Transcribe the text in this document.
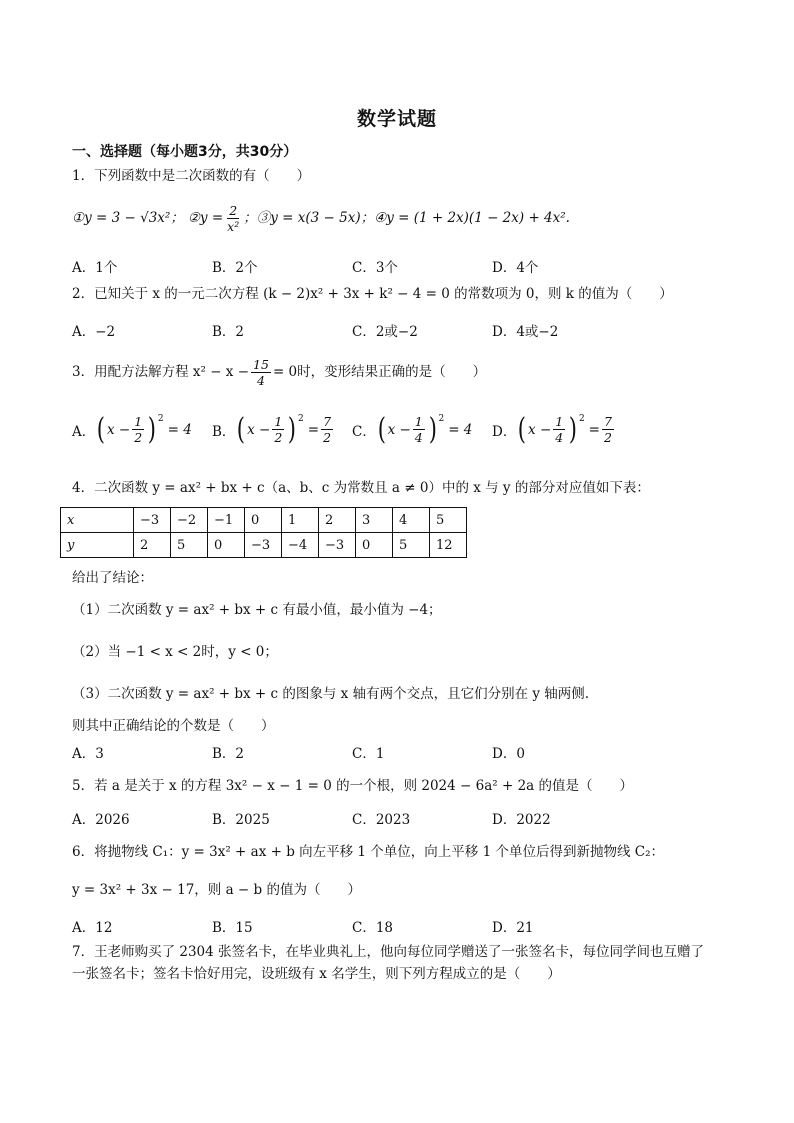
数学试题
一、选择题（每小题3分，共30分）
1．下列函数中是二次函数的有（　　）
①y = 3 − √3x²； ②y = $\frac{2}{\text{x²}}$ ；③y = x(3 − 5x)； ④y = (1 + 2x)(1 − 2x) + 4x².
A．1个	B．2个	C．3个	D．4个
2．已知关于 x 的一元二次方程 (k − 2)x² + 3x + k² − 4 = 0 的常数项为 0，则 k 的值为（　　）
A．−2	B．2	C．2或−2	D．4或−2
3．用配方法解方程 $x^2 - x - \frac{15}{4} = 0$时，变形结果正确的是（　　）
A． ( $x - \frac{1}{2} )^2$
= 4 B． ( $x - \frac{1}{2} )^2$
= $\frac{7}{2}$ C． ( $x - \frac{1}{4} )^2$
= 4 D． ( $x - \frac{1}{4} )^2$
= $\frac{7}{2}$
4．二次函数 y = ax² + bx + c（a、b、c 为常数且 a ≠ 0）中的 x 与 y 的部分对应值如下表：
x	−3	−2	−1	0	1	2	3	4	5
y	2	5	0	−3	−4	−3	0	5	12
给出了结论：
（1）二次函数 y = ax² + bx + c 有最小值，最小值为 −4；
（2）当 −1 < x < 2时，y < 0；
（3）二次函数 y = ax² + bx + c 的图象与 x 轴有两个交点，且它们分别在 y 轴两侧.
则其中正确结论的个数是（　　）
A．3	B．2	C．1	D．0
5．若 a 是关于 x 的方程 3x² − x − 1 = 0 的一个根，则 2024 − 6a² + 2a 的值是（　　）
A．2026	B．2025	C．2023	D．2022
6．将抛物线 C₁：y = 3x² + ax + b 向左平移 1 个单位，向上平移 1 个单位后得到新抛物线 C₂：
y = 3x² + 3x − 17，则 a − b 的值为（　　）
A．12	B．15	C．18	D．21
7．王老师购买了 2304 张签名卡，在毕业典礼上，他向每位同学赠送了一张签名卡，每位同学间也互赠了
一张签名卡；签名卡恰好用完，设班级有 x 名学生，则下列方程成立的是（　　）
